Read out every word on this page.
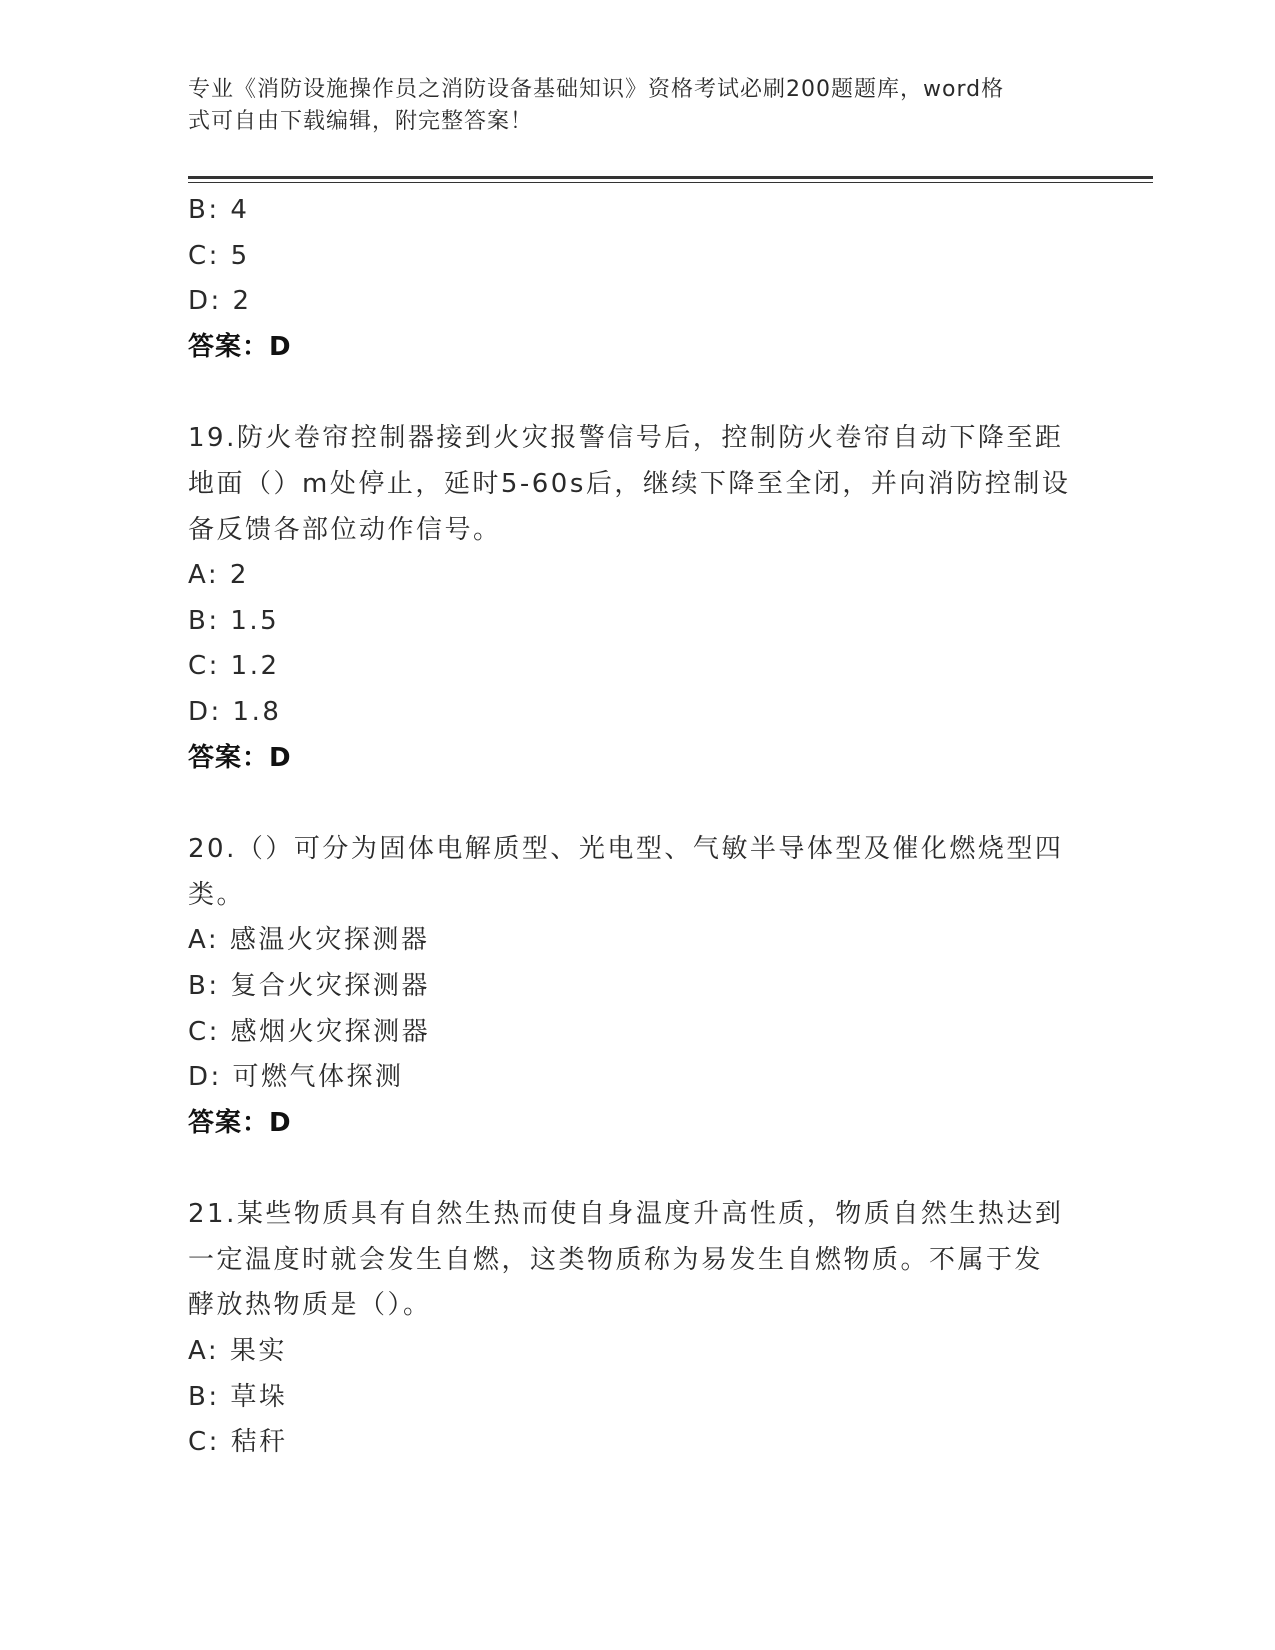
专业《消防设施操作员之消防设备基础知识》资格考试必刷200题题库，word格
式可自由下载编辑，附完整答案！
B: 4
C: 5
D: 2
答案：D
19.防火卷帘控制器接到火灾报警信号后，控制防火卷帘自动下降至距
地面（）m处停止，延时5-60s后，继续下降至全闭，并向消防控制设
备反馈各部位动作信号。
A: 2
B: 1.5
C: 1.2
D: 1.8
答案：D
20.（）可分为固体电解质型、光电型、气敏半导体型及催化燃烧型四
类。
A: 感温火灾探测器
B: 复合火灾探测器
C: 感烟火灾探测器
D: 可燃气体探测
答案：D
21.某些物质具有自然生热而使自身温度升高性质，物质自然生热达到
一定温度时就会发生自燃，这类物质称为易发生自燃物质。不属于发
酵放热物质是（）。
A: 果实
B: 草垛
C: 秸秆
